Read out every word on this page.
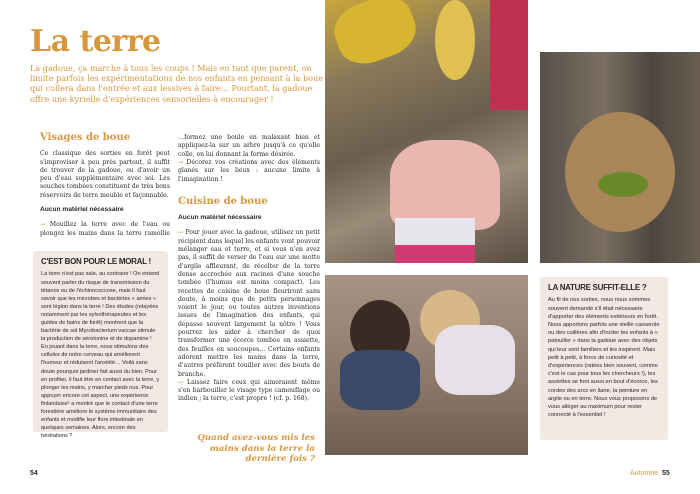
La terre
La gadoue, ça marche à tous les coups ! Mais en tant que parent, on limite parfois les expérimentations de nos enfants en pensant à la boue qui collera dans l'entrée et aux lessives à faire… Pourtant, la gadoue offre une kyrielle d'expériences sensorielles à encourager !
Visages de boue

Ce classique des sorties en forêt peut s'improviser à peu près partout, il suffit de trouver de la gadoue, ou d'avoir un peu d'eau supplémentaire avec soi. Les souches tombées constituent de très bons réservoirs de terre meuble et façonnable.

Aucun matériel nécessaire

→ Mouillez la terre avec de l'eau ou plongez les mains dans la terre ramollie

C'EST BON POUR LE MORAL !
La terre n'est pas sale, au contraire ! On entend souvent parler du risque de transmission du tétanos ou de l'échinococcose, mais il faut savoir que les microbes et bactéries « amies » sont légion dans la terre ! Des études (relayées notamment par les sylvothérapeutes et les guides de bains de forêt) montrent que la bactérie de sol Mycobacterium vaccae stimule la production de sérotonine et de dopamine ! En jouant dans la terre, nous stimulons des cellules de notre cerveau qui améliorent l'humeur et réduisent l'anxiété… Voilà sans doute pourquoi jardiner fait aussi du bien. Pour en profiter, il faut être en contact avec la terre, y plonger les mains, y marcher pieds nus. Pour appuyer encore cet aspect, une expérience finlandaise¹ a montré que le contact d'une terre forestière améliore le système immunitaire des enfants et modifie leur flore intestinale en quelques semaines. Alors, encore des hésitations ?

…formez une boule en malaxant bien et appliquez-la sur un arbre jusqu'à ce qu'elle colle, en lui donnant la forme désirée.

→ Décorez vos créations avec des éléments glanés sur les lieux : aucune limite à l'imagination !

Cuisine de boue
Aucun matériel nécessaire

→ Pour jouer avec la gadoue, utilisez un petit récipient dans lequel les enfants vont pouvoir mélanger eau et terre, et si vous n'en avez pas, il suffit de verser de l'eau sur une motte d'argile affleurant, de récolter de la terre dense accrochée aux racines d'une souche tombée (l'humus est moins compact). Les recettes de cuisine de boue fleuriront sans doute, à moins que de petits personnages voient le jour, ou toutes autres inventions issues de l'imagination des enfants, qui dépasse souvent largement la nôtre ! Vous pourrez les aider à chercher de quoi transformer une écorce tombée en assiette, des feuilles en soucoupes… Certains enfants adorent mettre les mains dans la terre, d'autres préfèrent touiller avec des bouts de branche.

→ Laissez faire ceux qui aimeraient même s'en barbouiller le visage type camouflage ou indien ; la terre, c'est propre ! (cf. p. 168).

Quand avez-vous mis les mains dans la terre la dernière fois ?
LA NATURE SUFFIT-ELLE ?
Au fil de nos sorties, nous nous sommes souvent demandé s'il était nécessaire d'apporter des éléments extérieurs en forêt. Nous apportons parfois une vieille casserole ou des cuillères afin d'inciter les enfants à « patouiller » dans la gadoue avec des objets qui leur sont familiers et les inspirent. Mais petit à petit, à force de curiosité et d'expériences (ratées bien souvent, comme c'est le cas pour tous les chercheurs !), les assiettes se font aussi en bout d'écorce, les cordes des arcs en liane, la peinture en argile ou en terre. Nous vous proposons de vous alléger au maximum pour rester connecté à l'essentiel !
54	Automne 55
